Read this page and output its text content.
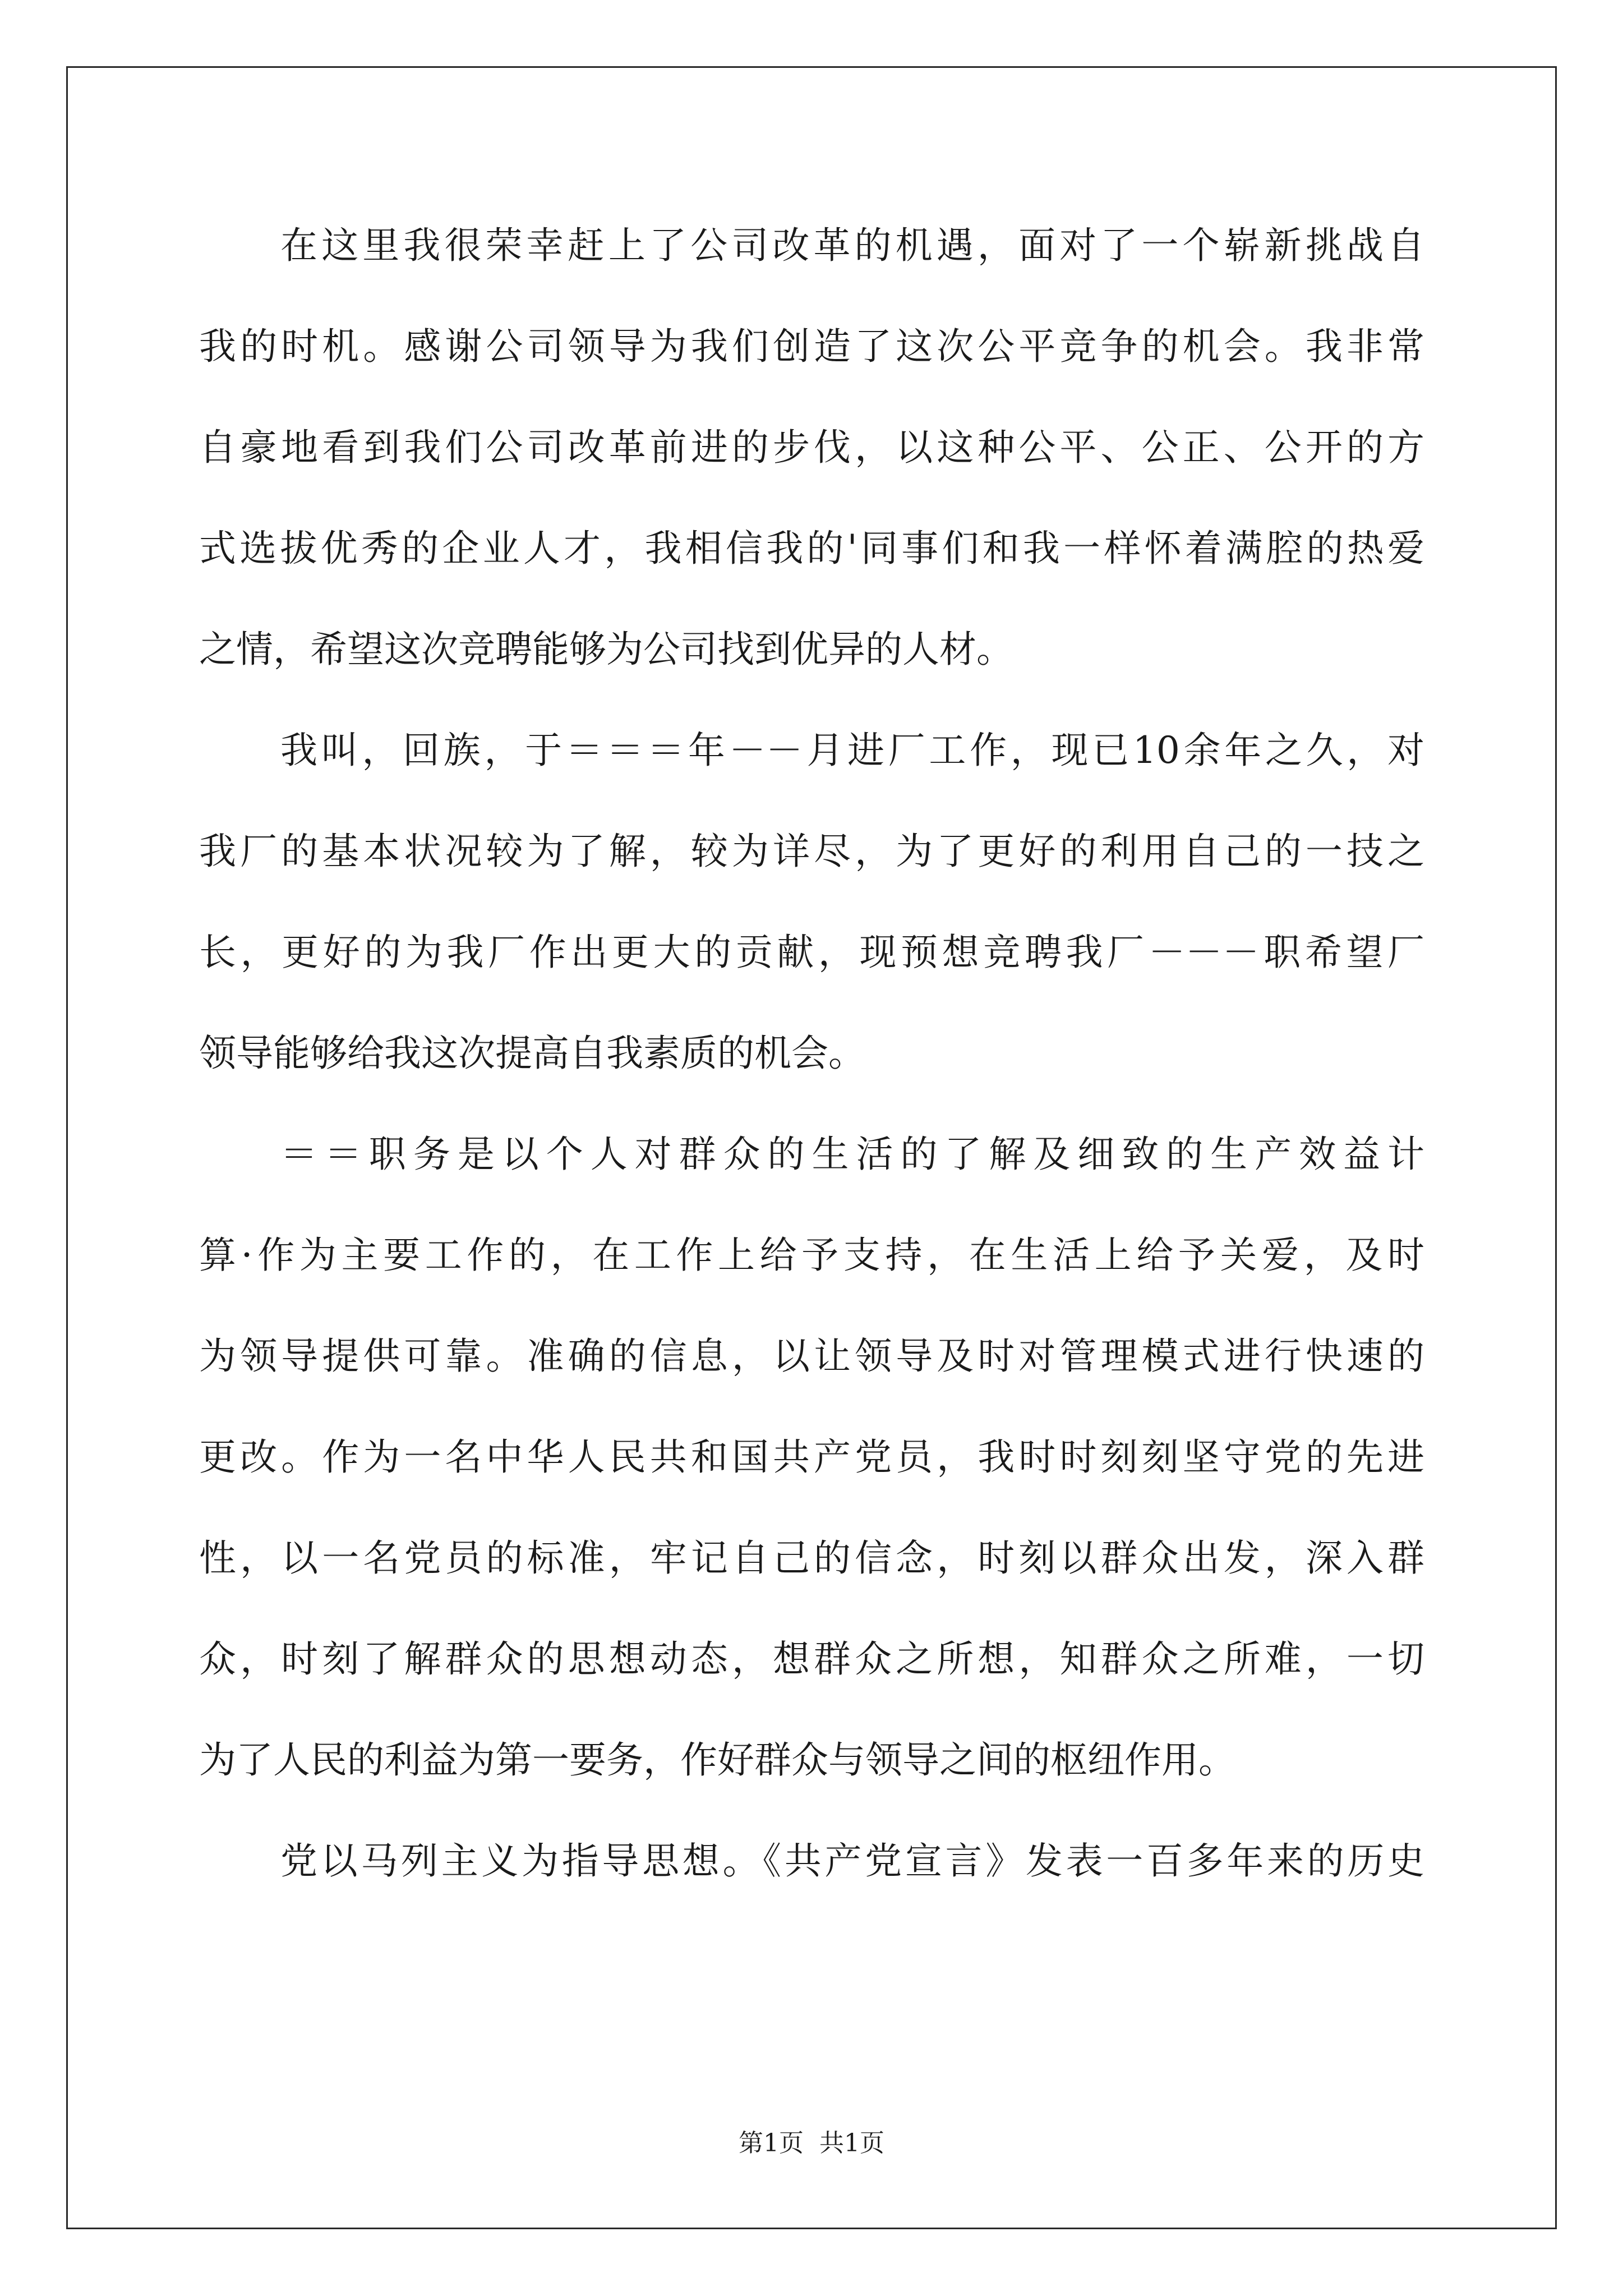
在这里我很荣幸赶上了公司改革的机遇，面对了一个崭新挑战自
我的时机。感谢公司领导为我们创造了这次公平竞争的机会。我非常
自豪地看到我们公司改革前进的步伐，以这种公平、公正、公开的方
式选拔优秀的企业人才，我相信我的'同事们和我一样怀着满腔的热爱
之情，希望这次竞聘能够为公司找到优异的人材。
我叫，回族，于＝＝＝年－－月进厂工作，现已10余年之久，对
我厂的基本状况较为了解，较为详尽，为了更好的利用自己的一技之
长，更好的为我厂作出更大的贡献，现预想竞聘我厂－－－职希望厂
领导能够给我这次提高自我素质的机会。
＝＝职务是以个人对群众的生活的了解及细致的生产效益计
算·作为主要工作的，在工作上给予支持，在生活上给予关爱，及时
为领导提供可靠。准确的信息，以让领导及时对管理模式进行快速的
更改。作为一名中华人民共和国共产党员，我时时刻刻坚守党的先进
性，以一名党员的标准，牢记自己的信念，时刻以群众出发，深入群
众，时刻了解群众的思想动态，想群众之所想，知群众之所难，一切
为了人民的利益为第一要务，作好群众与领导之间的枢纽作用。
党以马列主义为指导思想。《共产党宣言》发表一百多年来的历史
第1页 共1页
